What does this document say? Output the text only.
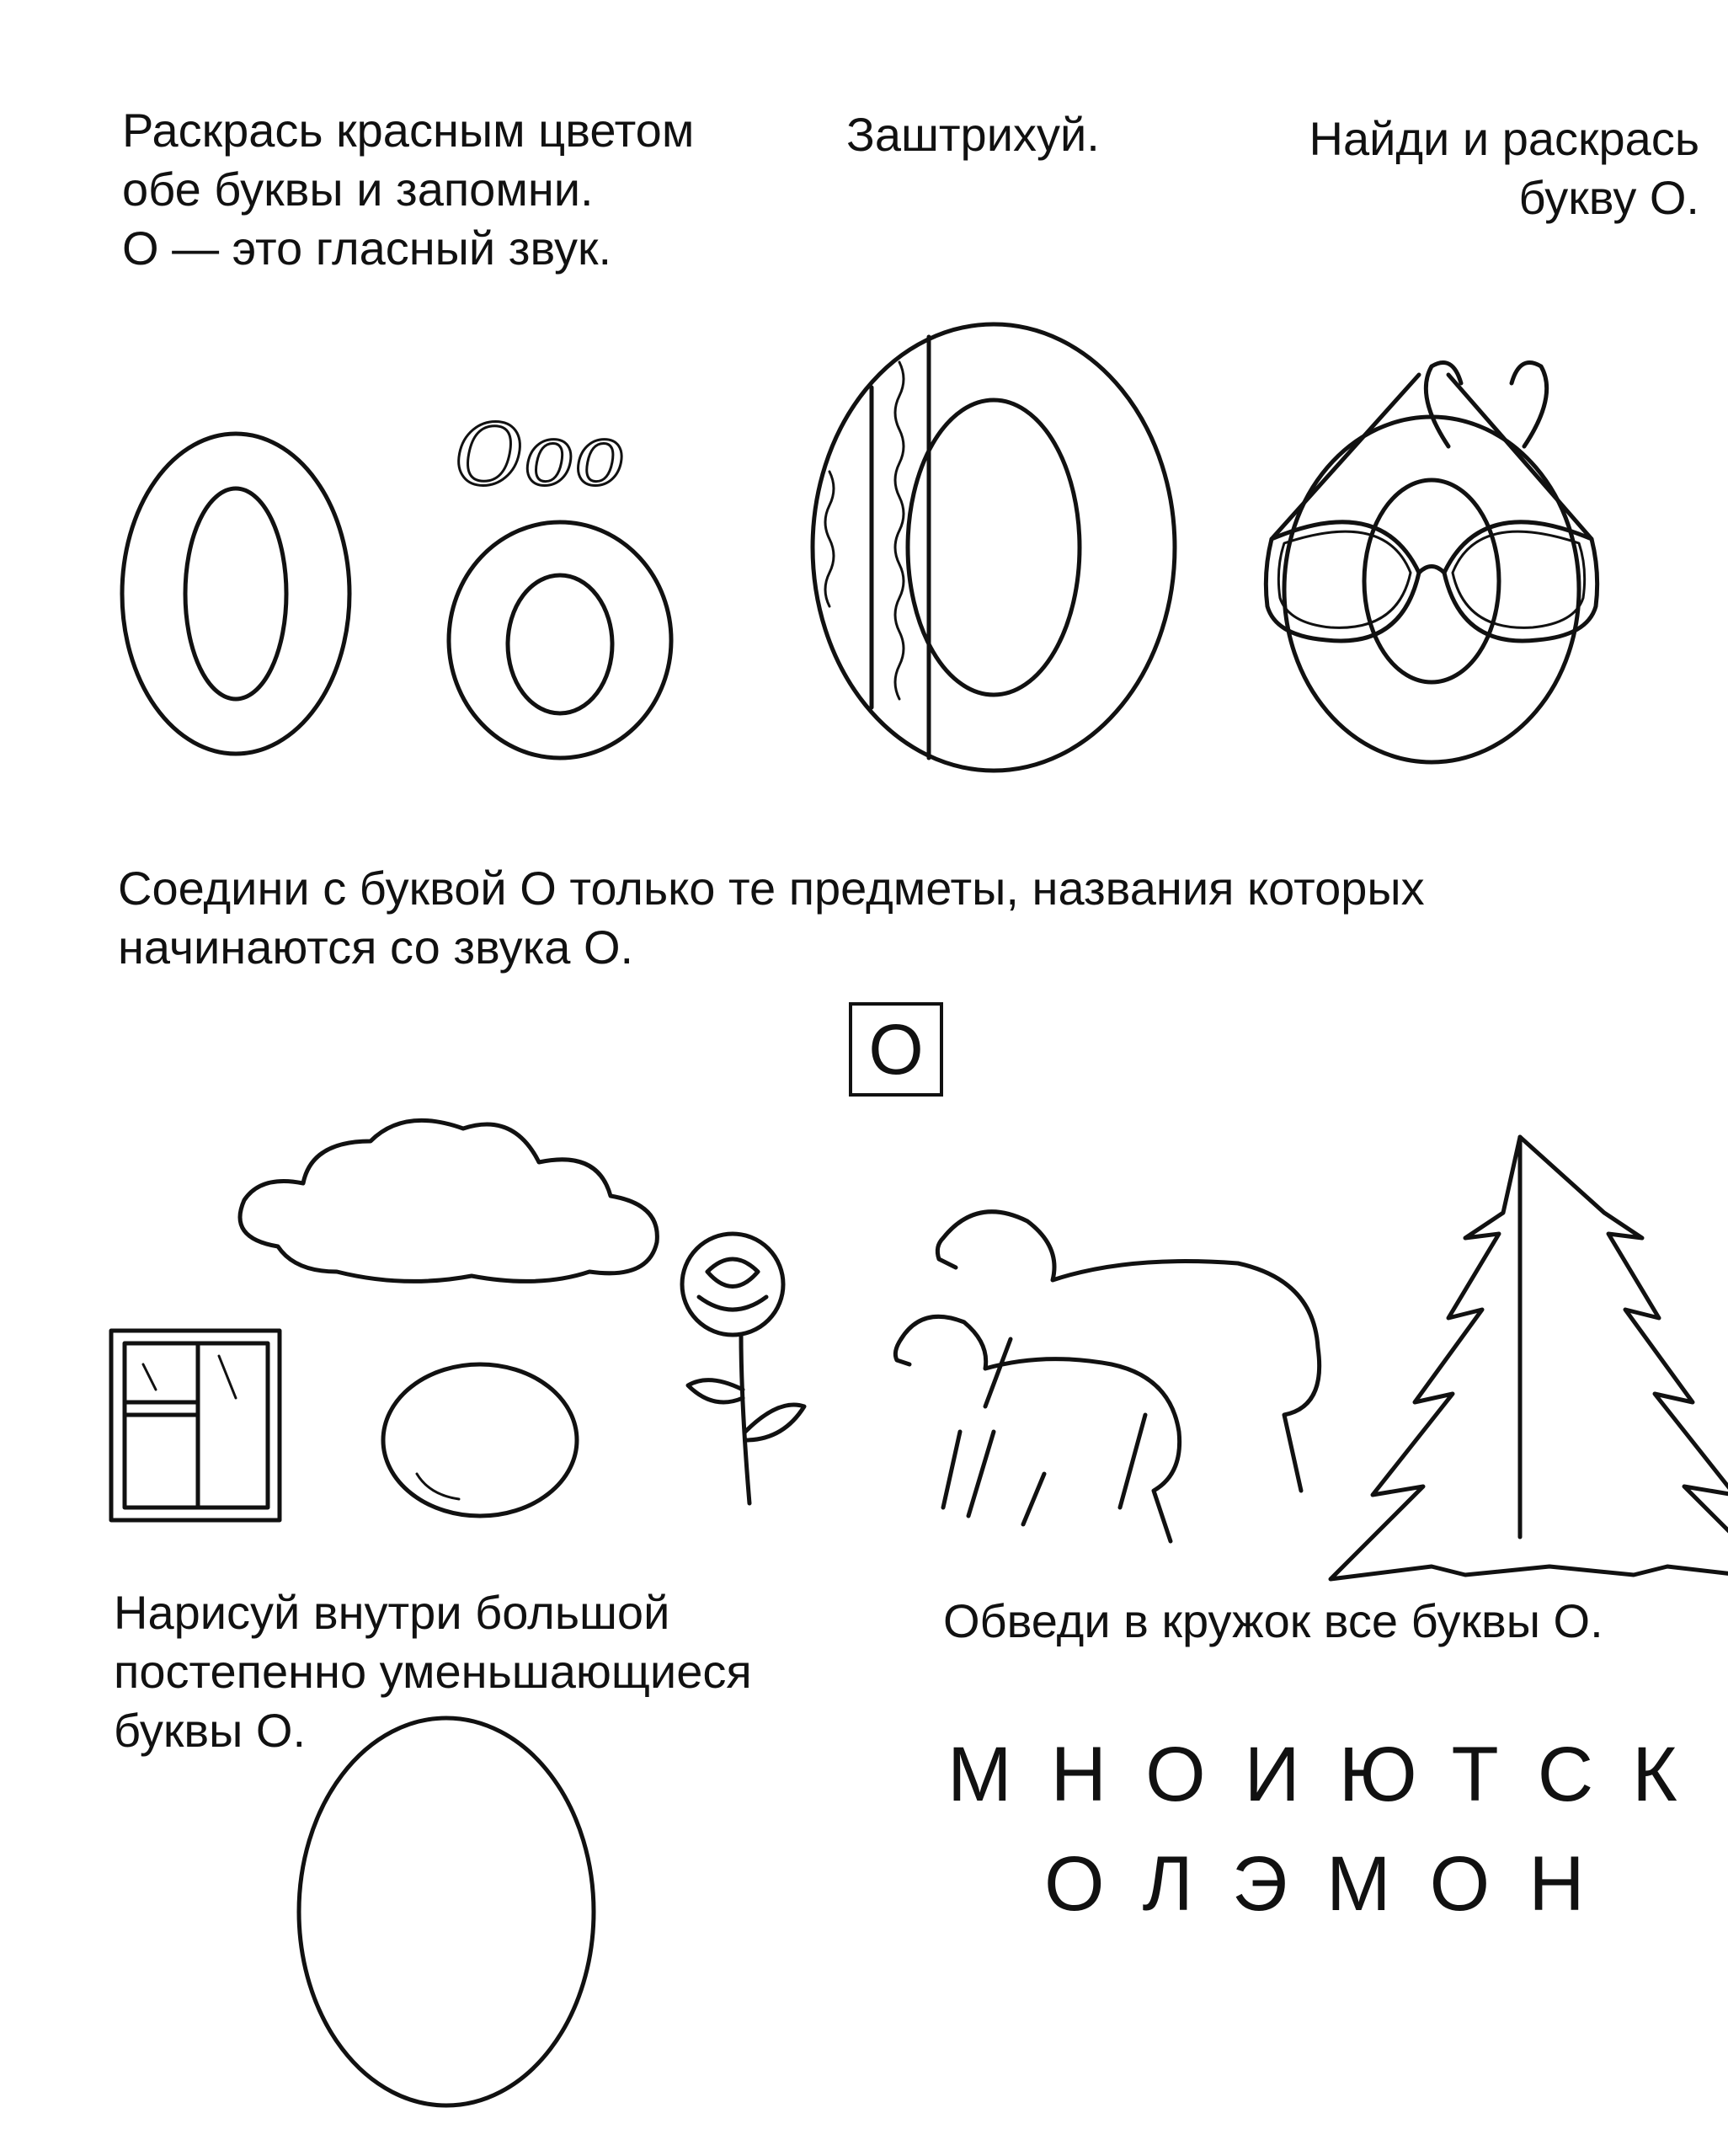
Раскрась красным цветом
обе буквы и запомни.
О — это гласный звук.
Заштрихуй.	Найди и раскрась
букву О.
Соедини с буквой О только те предметы, названия которых
начинаются со звука О.
Нарисуй внутри большой
постепенно уменьшающиеся
буквы О.
Обведи в кружок все буквы О.
О
МНОИЮТСК
ОЛЭМОН
Ooo
